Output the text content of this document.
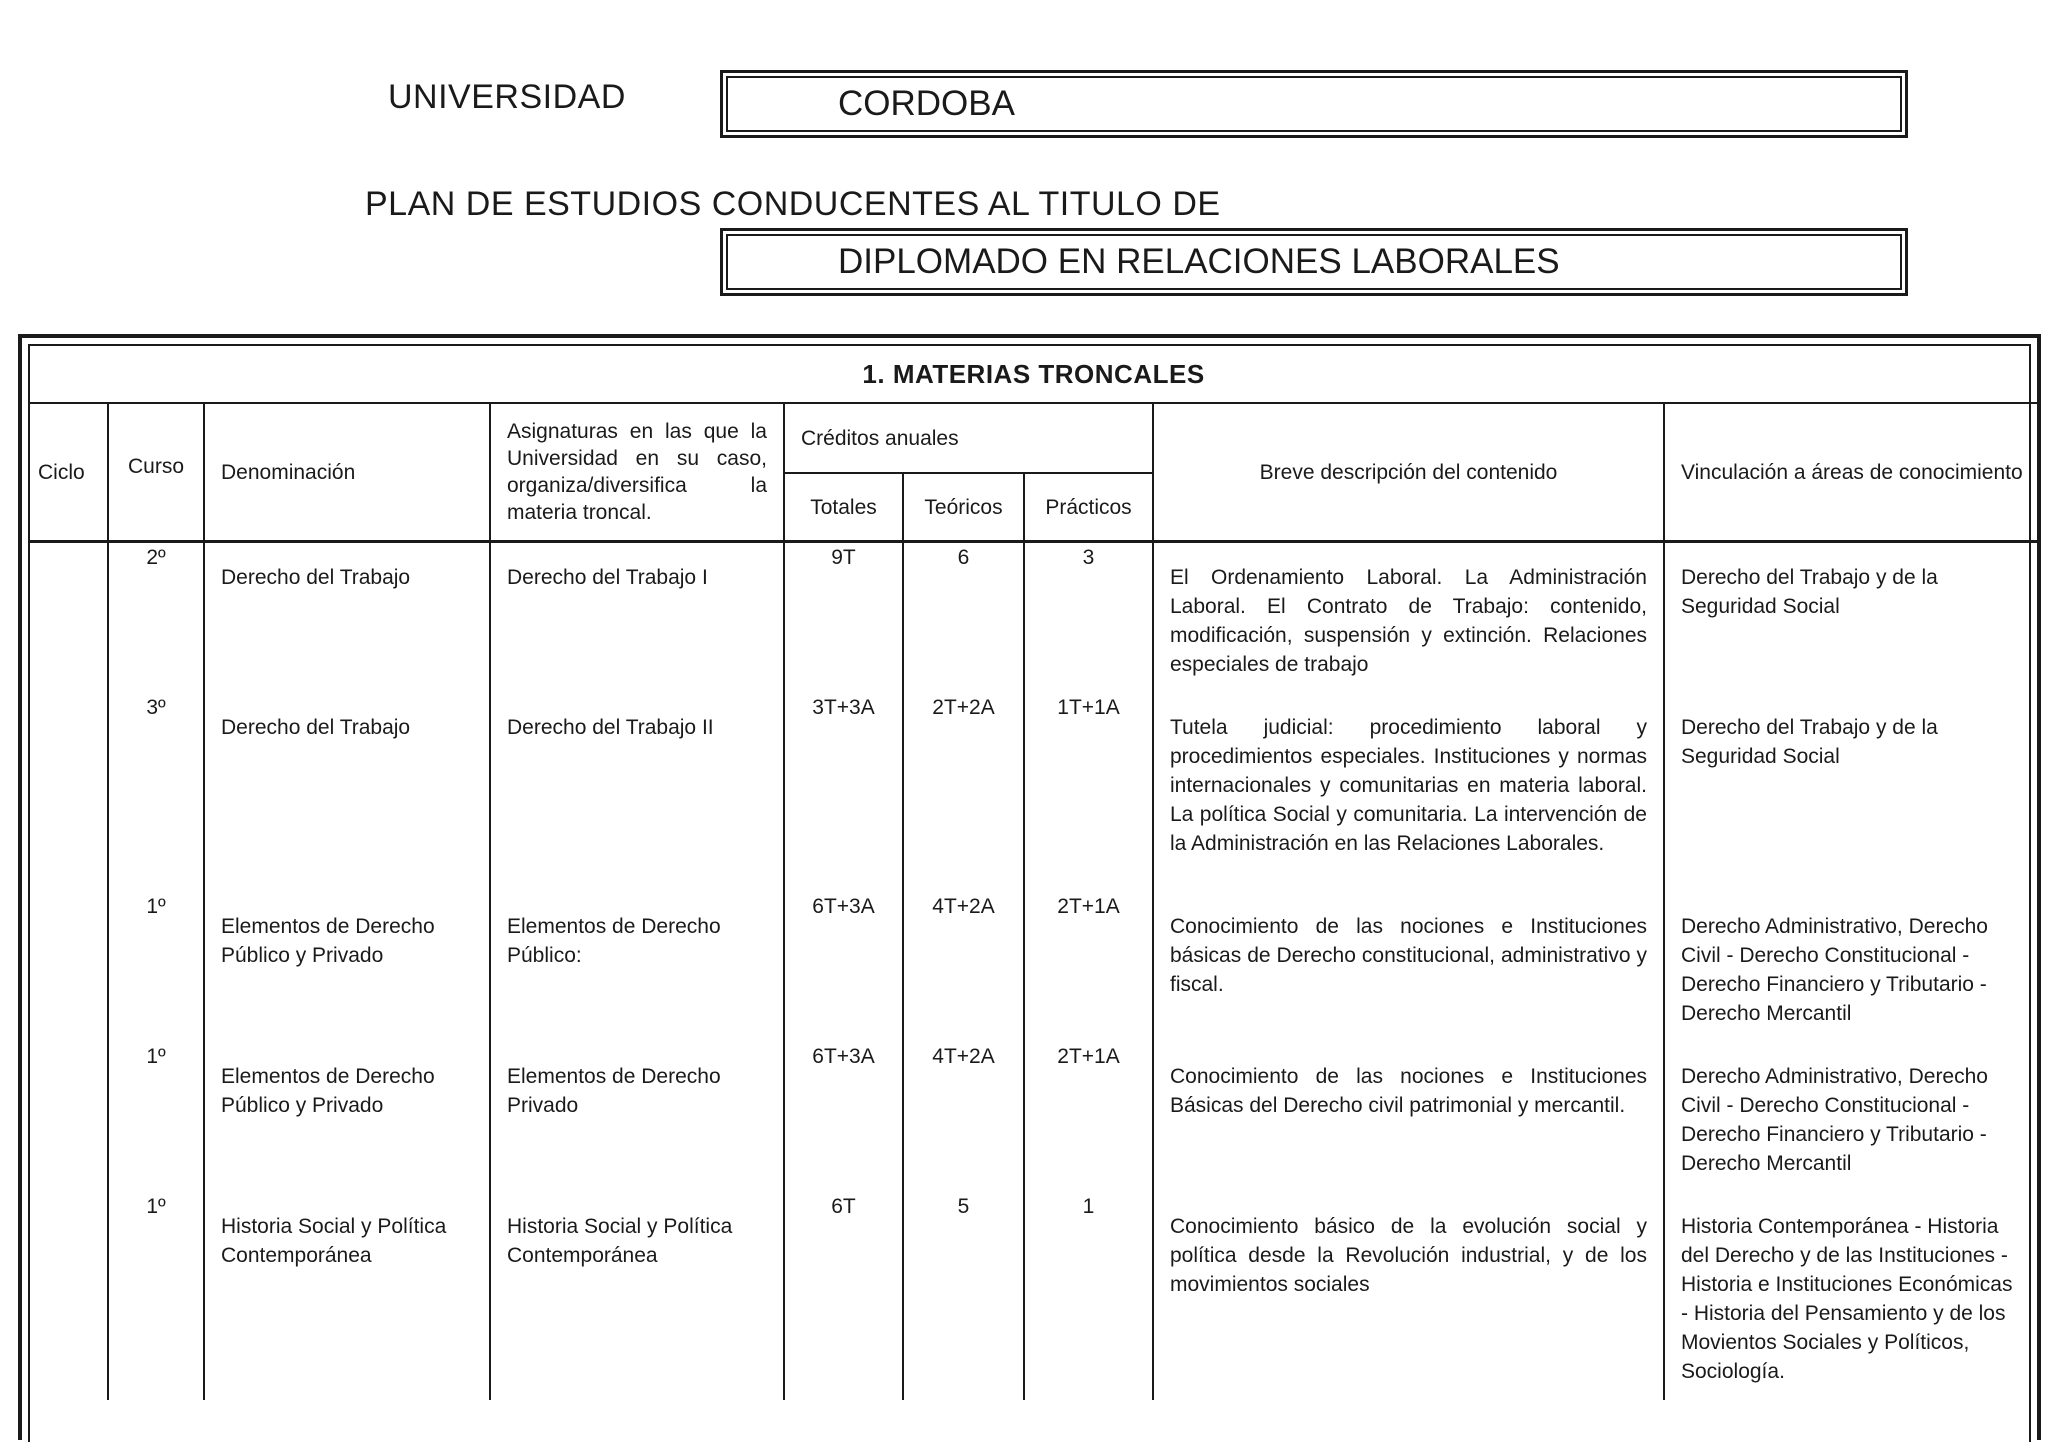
UNIVERSIDAD	CORDOBA
PLAN DE ESTUDIOS CONDUCENTES AL TITULO DE
DIPLOMADO EN RELACIONES LABORALES
1. MATERIAS TRONCALES								
Ciclo	Curso	Denominación	Asignaturas en las que la Universidad en su caso, organiza/diversifica la materia troncal.	Créditos anuales			Breve descripción del contenido	Vinculación a áreas de conocimiento
				Totales	Teóricos	Prácticos		
	2º	Derecho del Trabajo	Derecho del Trabajo I	9T	6	3	El Ordenamiento Laboral. La Administración Laboral. El Contrato de Trabajo: contenido, modificación, suspensión y extinción. Relaciones especiales de trabajo	Derecho del Trabajo y de la Seguridad Social
	3º	Derecho del Trabajo	Derecho del Trabajo II	3T+3A	2T+2A	1T+1A	Tutela judicial: procedimiento laboral y procedimientos especiales. Instituciones y normas internacionales y comunitarias en materia laboral. La política Social y comunitaria. La intervención de la Administración en las Relaciones Laborales.	Derecho del Trabajo y de la Seguridad Social
	1º	Elementos de Derecho Público y Privado	Elementos de Derecho Público:	6T+3A	4T+2A	2T+1A	Conocimiento de las nociones e Instituciones básicas de Derecho constitucional, administrativo y fiscal.	Derecho Administrativo, Derecho Civil - Derecho Constitucional - Derecho Financiero y Tributario - Derecho Mercantil
	1º	Elementos de Derecho Público y Privado	Elementos de Derecho Privado	6T+3A	4T+2A	2T+1A	Conocimiento de las nociones e Instituciones Básicas del Derecho civil patrimonial y mercantil.	Derecho Administrativo, Derecho Civil - Derecho Constitucional - Derecho Financiero y Tributario - Derecho Mercantil
	1º	Historia Social y Política Contemporánea	Historia Social y Política Contemporánea	6T	5	1	Conocimiento básico de la evolución social y política desde la Revolución industrial, y de los movimientos sociales	Historia Contemporánea - Historia del Derecho y de las Instituciones - Historia e Instituciones Económicas - Historia del Pensamiento y de los Movientos Sociales y Políticos, Sociología.
